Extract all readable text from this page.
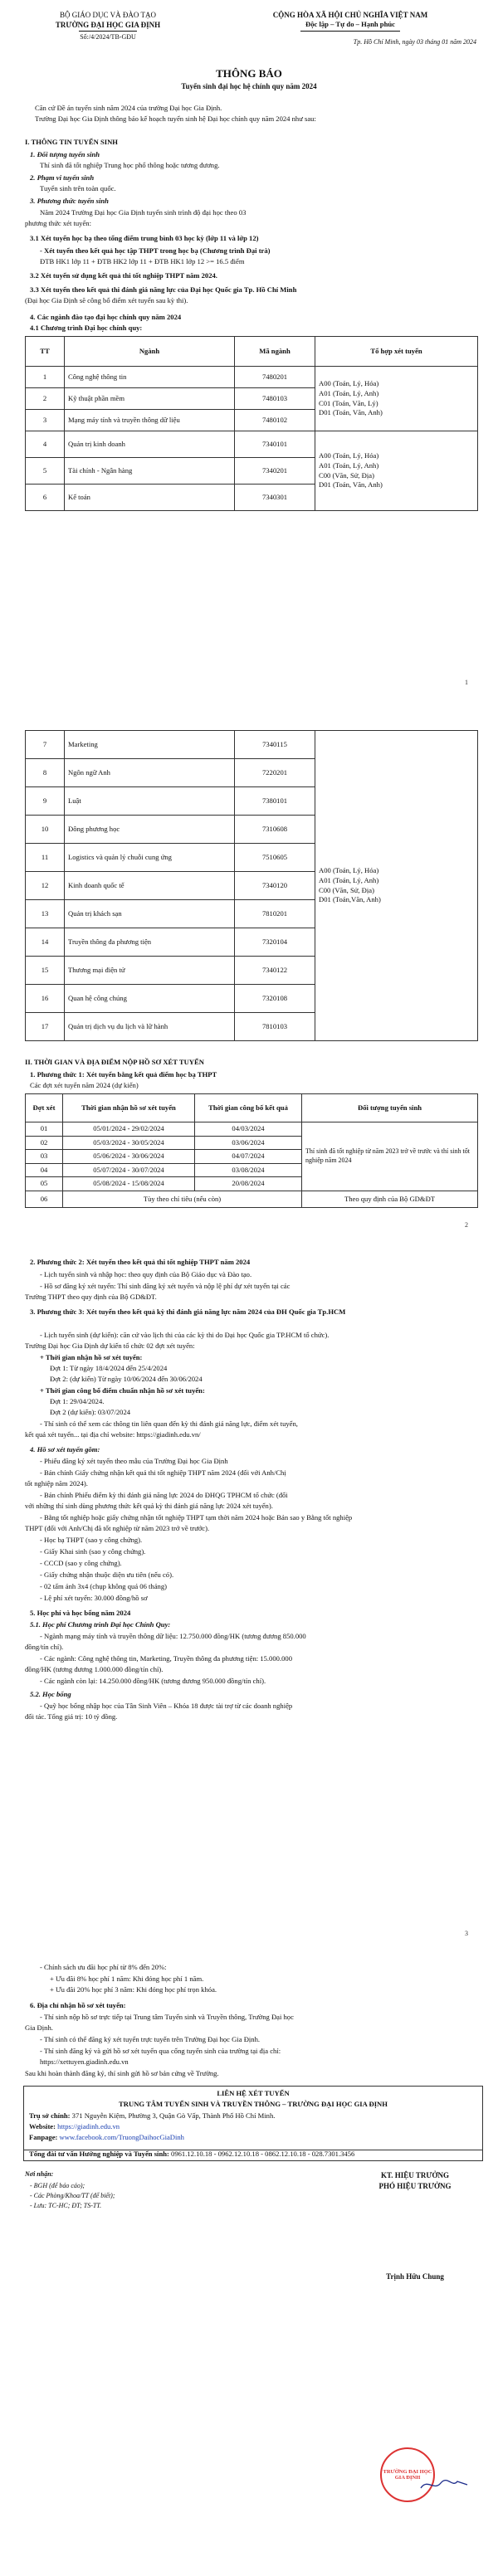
BỘ GIÁO DỤC VÀ ĐÀO TẠO
TRƯỜNG ĐẠI HỌC GIA ĐỊNH
Số:/4/2024/TB-GĐU
CỘNG HÒA XÃ HỘI CHỦ NGHĨA VIỆT NAM
Độc lập – Tự do – Hạnh phúc
Tp. Hồ Chí Minh, ngày 03 tháng 01 năm 2024
THÔNG BÁO
Tuyển sinh đại học hệ chính quy năm 2024
Căn cứ Đề án tuyển sinh năm 2024 của trường Đại học Gia Định.
Trường Đại học Gia Định thông báo kế hoạch tuyển sinh hệ Đại học chính quy năm 2024 như sau:
I. THÔNG TIN TUYỂN SINH
1. Đối tượng tuyển sinh
Thí sinh đã tốt nghiệp Trung học phổ thông hoặc tương đương.
2. Phạm vi tuyển sinh
Tuyển sinh trên toàn quốc.
3. Phương thức tuyển sinh
Năm 2024 Trường Đại học Gia Định tuyển sinh trình độ đại học theo 03
phương thức xét tuyển:
3.1 Xét tuyển học bạ theo tổng điểm trung bình 03 học kỳ (lớp 11 và lớp 12)
- Xét tuyển theo kết quả học tập THPT trong học bạ (Chương trình Đại trà)
ĐTB HK1 lớp 11 + ĐTB HK2 lớp 11 + ĐTB HK1 lớp 12 >= 16.5 điểm
3.2 Xét tuyển sử dụng kết quả thi tốt nghiệp THPT năm 2024.
3.3 Xét tuyển theo kết quả thi đánh giá năng lực của Đại học Quốc gia Tp. Hồ Chí Minh
(Đại học Gia Định sẽ công bố điểm xét tuyển sau kỳ thi).
4. Các ngành đào tạo đại học chính quy năm 2024
4.1 Chương trình Đại học chính quy:
TT	Ngành	Mã ngành	Tổ hợp xét tuyển
1	Công nghệ thông tin	7480201	A00 (Toán, Lý, Hóa)
A01 (Toán, Lý, Anh)
C01 (Toán, Văn, Lý)
D01 (Toán, Văn, Anh)

2	Kỹ thuật phần mềm	7480103	
3	Mạng máy tính và truyền thông dữ liệu	7480102	
4	Quản trị kinh doanh	7340101	A00 (Toán, Lý, Hóa)
A01 (Toán, Lý, Anh)
C00 (Văn, Sử, Địa)
D01 (Toán, Văn, Anh)

5	Tài chính - Ngân hàng	7340201	
6	Kế toán	7340301	
1
7	Marketing	7340115	A00 (Toán, Lý, Hóa)
A01 (Toán, Lý, Anh)
C00 (Văn, Sử, Địa)
D01 (Toán,Văn, Anh)

8	Ngôn ngữ Anh	7220201	
9	Luật	7380101	
10	Đông phương học	7310608	
11	Logistics và quản lý chuỗi cung ứng	7510605	
12	Kinh doanh quốc tế	7340120	
13	Quản trị khách sạn	7810201	
14	Truyền thông đa phương tiện	7320104	
15	Thương mại điện tử	7340122	
16	Quan hệ công chúng	7320108	
17	Quản trị dịch vụ du lịch và lữ hành	7810103	
II. THỜI GIAN VÀ ĐỊA ĐIỂM NỘP HỒ SƠ XÉT TUYỂN
1. Phương thức 1: Xét tuyển bằng kết quả điểm học bạ THPT
Các đợt xét tuyển năm 2024 (dự kiến)
Đợt xét	Thời gian nhận hồ sơ xét tuyển	Thời gian công bố kết quả	Đối tượng tuyển sinh
01	05/01/2024 - 29/02/2024	04/03/2024	Thí sinh đã tốt nghiệp từ năm 2023 trở về trước và thí sinh tốt nghiệp năm 2024
02	05/03/2024 - 30/05/2024	03/06/2024	
03	05/06/2024 - 30/06/2024	04/07/2024	
04	05/07/2024 - 30/07/2024	03/08/2024	
05	05/08/2024 - 15/08/2024	20/08/2024	
06	Tùy theo chỉ tiêu (nếu còn)		Theo quy định của Bộ GD&ĐT
2
2. Phương thức 2: Xét tuyển theo kết quả thi tốt nghiệp THPT năm 2024
- Lịch tuyển sinh và nhập học: theo quy định của Bộ Giáo dục và Đào tạo.
- Hồ sơ đăng ký xét tuyển: Thí sinh đăng ký xét tuyển và nộp lệ phí dự xét tuyển tại các
Trường THPT theo quy định của Bộ GD&ĐT.
3. Phương thức 3: Xét tuyển theo kết quả kỳ thi đánh giá năng lực năm 2024 của ĐH Quốc gia Tp.HCM
- Lịch tuyển sinh (dự kiến): căn cứ vào lịch thi của các kỳ thi do Đại học Quốc gia TP.HCM tổ chức).
Trường Đại học Gia Định dự kiến tổ chức 02 đợt xét tuyển:
+ Thời gian nhận hồ sơ xét tuyển:
Đợt 1: Từ ngày 18/4/2024 đến 25/4/2024
Đợt 2: (dự kiến) Từ ngày 10/06/2024 đến 30/06/2024
+ Thời gian công bố điểm chuẩn nhận hồ sơ xét tuyển:
Đợt 1: 29/04/2024.
Đợt 2 (dự kiến): 03/07/2024
- Thí sinh có thể xem các thông tin liên quan đến kỳ thi đánh giá năng lực, điểm xét tuyển,
kết quả xét tuyển... tại địa chỉ website: https://giadinh.edu.vn/
4. Hồ sơ xét tuyển gồm:
- Phiếu đăng ký xét tuyển theo mẫu của Trường Đại học Gia Định
- Bản chính Giấy chứng nhận kết quả thi tốt nghiệp THPT năm 2024 (đối với Anh/Chị
tốt nghiệp năm 2024).
- Bản chính Phiếu điểm kỳ thi đánh giá năng lực 2024 do ĐHQG TPHCM tổ chức (đối
với những thí sinh dùng phương thức kết quả kỳ thi đánh giá năng lực 2024 xét tuyển).
- Bằng tốt nghiệp hoặc giấy chứng nhận tốt nghiệp THPT tạm thời năm 2024 hoặc Bản sao y Bằng tốt nghiệp
THPT (đối với Anh/Chị đã tốt nghiệp từ năm 2023 trở về trước).
- Học bạ THPT (sao y công chứng).
- Giấy Khai sinh (sao y công chứng).
- CCCD (sao y công chứng).
- Giấy chứng nhận thuộc diện ưu tiên (nếu có).
- 02 tấm ảnh 3x4 (chụp không quá 06 tháng)
- Lệ phí xét tuyển: 30.000 đồng/hồ sơ
5. Học phí và học bổng năm 2024
5.1. Học phí Chương trình Đại học Chính Quy:
- Ngành mạng máy tính và truyền thông dữ liệu: 12.750.000 đồng/HK (tương đương 850.000
đồng/tín chỉ).
- Các ngành: Công nghệ thông tin, Marketing, Truyền thông đa phương tiện: 15.000.000
đồng/HK (tương đương 1.000.000 đồng/tín chỉ).
- Các ngành còn lại: 14.250.000 đồng/HK (tương đương 950.000 đồng/tín chỉ).
5.2. Học bổng
- Quỹ học bổng nhập học của Tân Sinh Viên – Khóa 18 được tài trợ từ các doanh nghiệp
đối tác. Tổng giá trị: 10 tỷ đồng.
3
- Chính sách ưu đãi học phí từ 8% đến 20%:
+ Ưu đãi 8% học phí 1 năm: Khi đóng học phí 1 năm.
+ Ưu đãi 20% học phí 3 năm: Khi đóng học phí trọn khóa.
6. Địa chỉ nhận hồ sơ xét tuyển:
- Thí sinh nộp hồ sơ trực tiếp tại Trung tâm Tuyển sinh và Truyền thông, Trường Đại học
Gia Định.
- Thí sinh có thể đăng ký xét tuyển trực tuyến trên Trường Đại học Gia Định.
- Thí sinh đăng ký và gửi hồ sơ xét tuyển qua cổng tuyển sinh của trường tại địa chỉ:
https://xettuyen.giadinh.edu.vn
Sau khi hoàn thành đăng ký, thí sinh gửi hồ sơ bản cứng về Trường.
LIÊN HỆ XÉT TUYỂN
TRUNG TÂM TUYỂN SINH VÀ TRUYỀN THÔNG – TRƯỜNG ĐẠI HỌC GIA ĐỊNH
Trụ sở chính: 371 Nguyễn Kiệm, Phường 3, Quận Gò Vấp, Thành Phố Hồ Chí Minh.
Website: https://giadinh.edu.vn
Fanpage: www.facebook.com/TruongDaihocGiaDinh
Tổng đài tư vấn Hướng nghiệp và Tuyển sinh: 0961.12.10.18 - 0962.12.10.18 - 0862.12.10.18 - 028.7301.3456
Nơi nhận:
- BGH (để báo cáo);
- Các Phòng/Khoa/TT (để biết);
- Lưu: TC-HC; ĐT; TS-TT.
KT. HIỆU TRƯỞNG
PHÓ HIỆU TRƯỞNG
Trịnh Hữu Chung
TRƯỜNG ĐẠI HỌC GIA ĐỊNH
